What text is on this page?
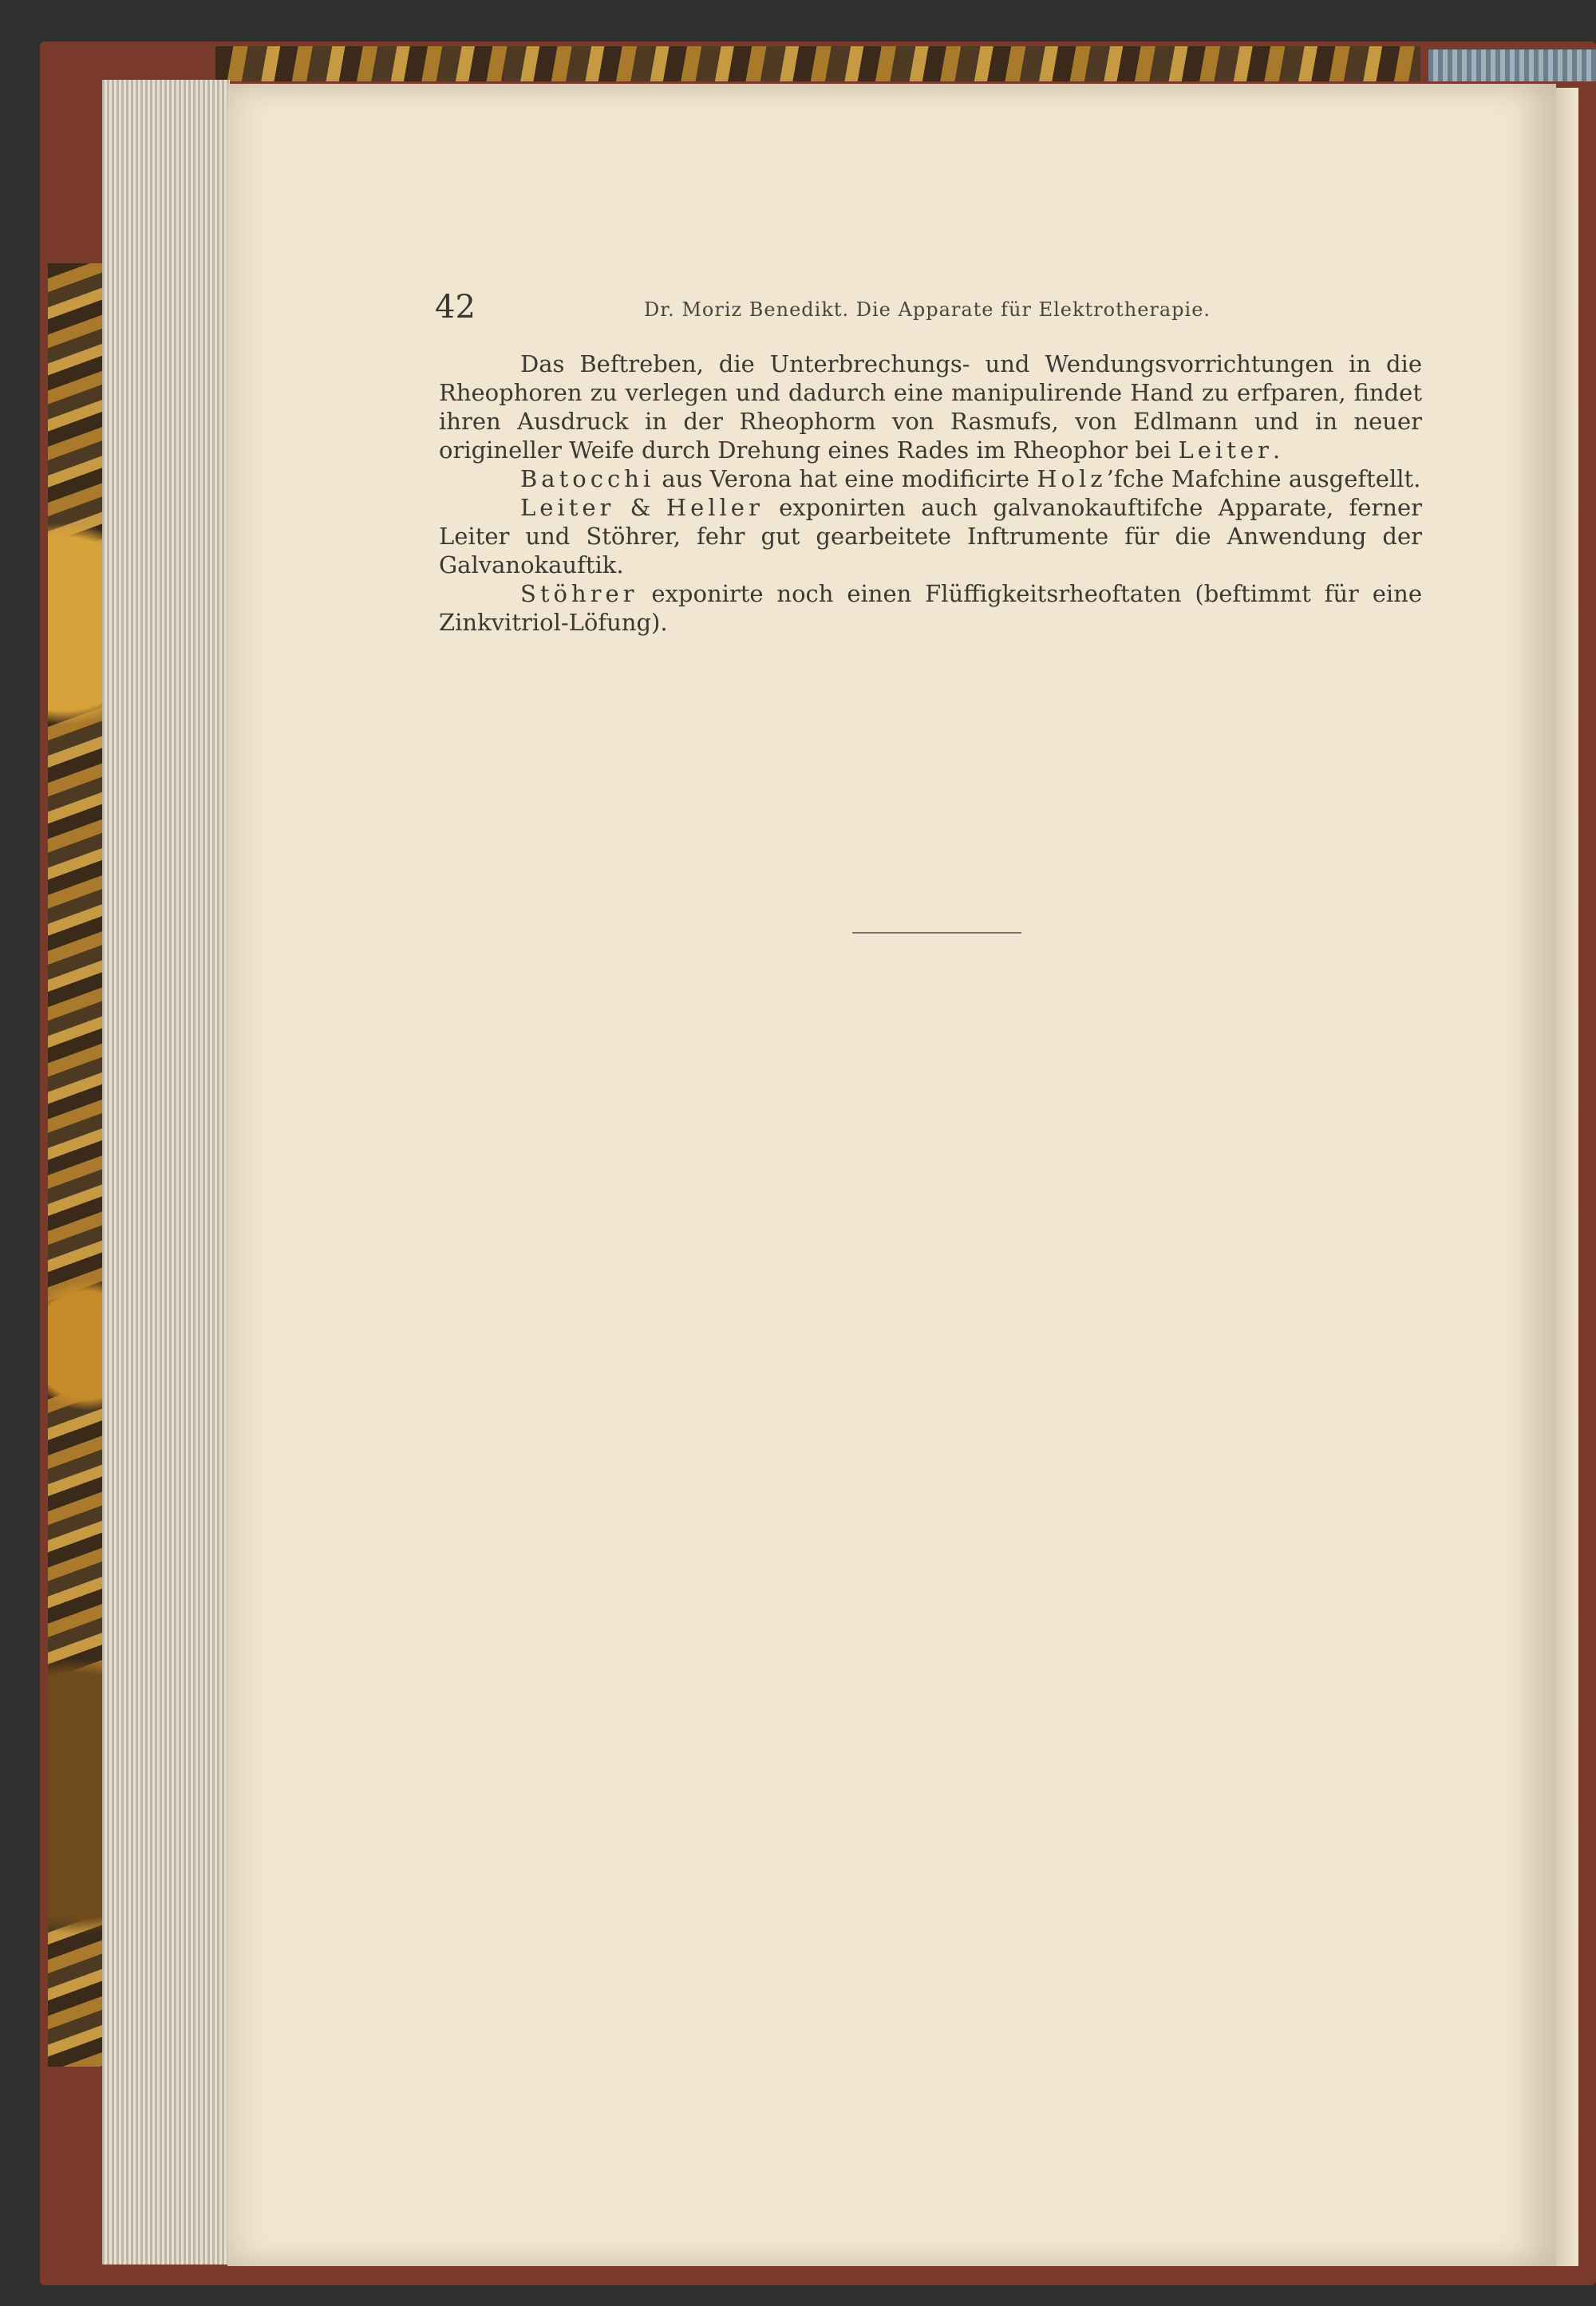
42	Dr. Moriz Benedikt. Die Apparate für Elektrotherapie.

Das Beftreben, die Unterbrechungs- und Wendungsvorrichtungen in die Rheophoren zu verlegen und dadurch eine manipulirende Hand zu erfparen, findet ihren Ausdruck in der Rheophorm von Rasmufs, von Edlmann und in neuer origineller Weife durch Drehung eines Rades im Rheophor bei Leiter.

Batocchi aus Verona hat eine modificirte Holz’fche Mafchine ausgeftellt.

Leiter & Heller exponirten auch galvanokauftifche Apparate, ferner Leiter und Stöhrer, fehr gut gearbeitete Inftrumente für die Anwendung der Galvanokauftik.

Stöhrer exponirte noch einen Flüffigkeitsrheoftaten (beftimmt für eine Zinkvitriol-Löfung).
